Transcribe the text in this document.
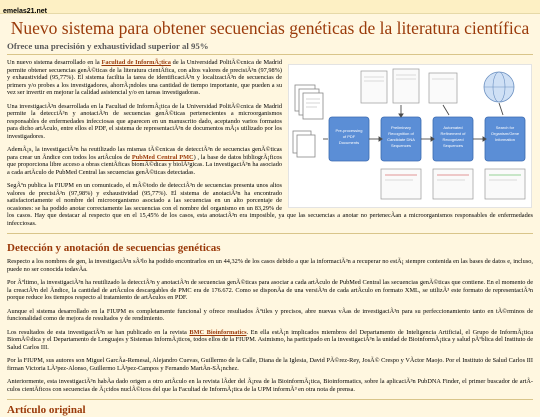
emelas21.net
Nuevo sistema para obtener secuencias genéticas de la literatura científica
Ofrece una precisión y exhaustividad superior al 95%
Pre-processing
of PDF
Documents
Preliminary
Recognition of
Candidate DNA
Sequences
Automated
Refinement of
Recognized
Sequences
Search for
Organism/Gene
Information

Un nuevo sistema desarrollado en la Facultad de InformÃ¡tica de la Universidad PolitÃ©cnica de Madrid permite obtener secuencias genÃ©ticas de la literatura cientÃfica, con altos valores de precisiÃ³n (97,98%) y exhaustividad (95,77%). El sistema facilita la tarea de identificaciÃ³n y localizaciÃ³n de secuencias de primers y/o probes a los investigadores, ahorrÃ¡ndoles una cantidad de tiempo importante, que pueden a su vez ser invertir en mejorar la calidad asistencial y/o en tareas investigadoras.

Una investigaciÃ³n desarrollada en la Facultad de InformÃ¡tica de la Universidad PolitÃ©cnica de Madrid permite la detecciÃ³n y anotaciÃ³n de secuencias genÃ©ticas pertenecientes a microorganismos responsables de enfermedades infecciosas que aparecen en un manuscrito dado, aceptando varios formatos para dicho artÃculo, entre ellos el PDF, el sistema de representaciÃ³n de documentos mÃ¡s utilizado por los investigadores.

AdemÃ¡s, la investigaciÃ³n ha reutilizado las mismas tÃ©cnicas de detecciÃ³n de secuencias genÃ©ticas para crear un Ãndice con todos los artÃculos de PubMed Central PMC) , la base de datos bibliogrÃ¡ficos que proporciona libre acceso a obras cientÃficas biomÃ©dicas y biolÃ³gicas. La investigaciÃ³n ha asociado a cada artÃculo de PubMed Central las secuencias genÃ©ticas detectadas.

SegÃºn publica la FIUPM en un comunicado, el mÃ©todo de detecciÃ³n de secuencias presenta unos altos valores de precisiÃ³n (97,98%) y exhaustividad (95,77%). El sistema de anotaciÃ³n ha encontrado satisfactoriamente el nombre del microorganismo asociado a las secuencias en un alto porcentaje de ocasiones: se ha podido anotar correctamente las secuencias con el nombre del organismo en un 83,29% de los casos. Hay que destacar al respecto que en el 15,45% de los casos, esta anotaciÃ³n era imposible, ya que las secuencias a anotar no pertenecÃan a microorganismos responsables de enfermedades infecciosas.

Detección y anotación de secuencias genéticas

Respecto a los nombres de gen, la investigaciÃ³n sÃ³lo ha podido encontrarlos en un 44,32% de los casos debido a que la informaciÃ³n a recuperar no estÃ¡ siempre contenida en las bases de datos e, incluso, puede no ser conocida todavÃa.

Por Ãºltimo, la investigaciÃ³n ha reutilizado la detecciÃ³n y anotaciÃ³n de secuencias genÃ©ticas para asociar a cada artÃculo de PubMed Central las secuencias genÃ©ticas que contiene. En el momento de la creaciÃ³n del Ãndice, la cantidad de artÃculos descargables de PMC era de 176.672. Como se disponÃa de una versiÃ³n de cada artÃculo en formato XML, se utilizÃ³ este formato de representaciÃ³n porque reduce los tiempos respecto al tratamiento de artÃculos en PDF.

Aunque el sistema desarrollado en la FIUPM es completamente funcional y ofrece resultados Ãºtiles y precisos, abre nuevas vÃas de investigaciÃ³n para su perfeccionamiento tanto en tÃ©rminos de funcionalidad como de mejora de resultados y de rendimiento.

Los resultados de esta investigaciÃ³n se han publicado en la revista BMC Bioinformatics. En ella estÃ¡n implicados miembros del Departamento de Inteligencia Artificial, el Grupo de InformÃ¡tica BiomÃ©dica y el Departamento de Lenguajes y Sistemas InformÃ¡ticos, todos ellos de la FIUPM. Asimismo, ha participado en la investigaciÃ³n la unidad de BioinformÃ¡tica y salud pÃºblica del Instituto de Salud Carlos III.

Por la FIUPM, sus autores son Miguel GarcÃa-Remesal, Alejandro Cuevas, Guillermo de la Calle, Diana de la Iglesia, David PÃ©rez-Rey, JosÃ© Crespo y VÃctor Maojo. Por el Instituto de Salud Carlos III firman Victoria LÃ³pez-Alonso, Guillermo LÃ³pez-Campos y Fernando MartÃn-SÃ¡nchez.

Anteriormente, esta investigaciÃ³n habÃa dado origen a otro artÃculo en la revista lÃder del Ã¡rea de la BioinformÃ¡tica, Bioinformatics, sobre la aplicaciÃ³n PubDNA Finder, el primer buscador de artÃculos cientÃficos con secuencias de Ã¡cidos nuclÃ©icos del que la Facultad de InformÃ¡tica de la UPM informÃ³ en otra nota de prensa.

Artículo original
